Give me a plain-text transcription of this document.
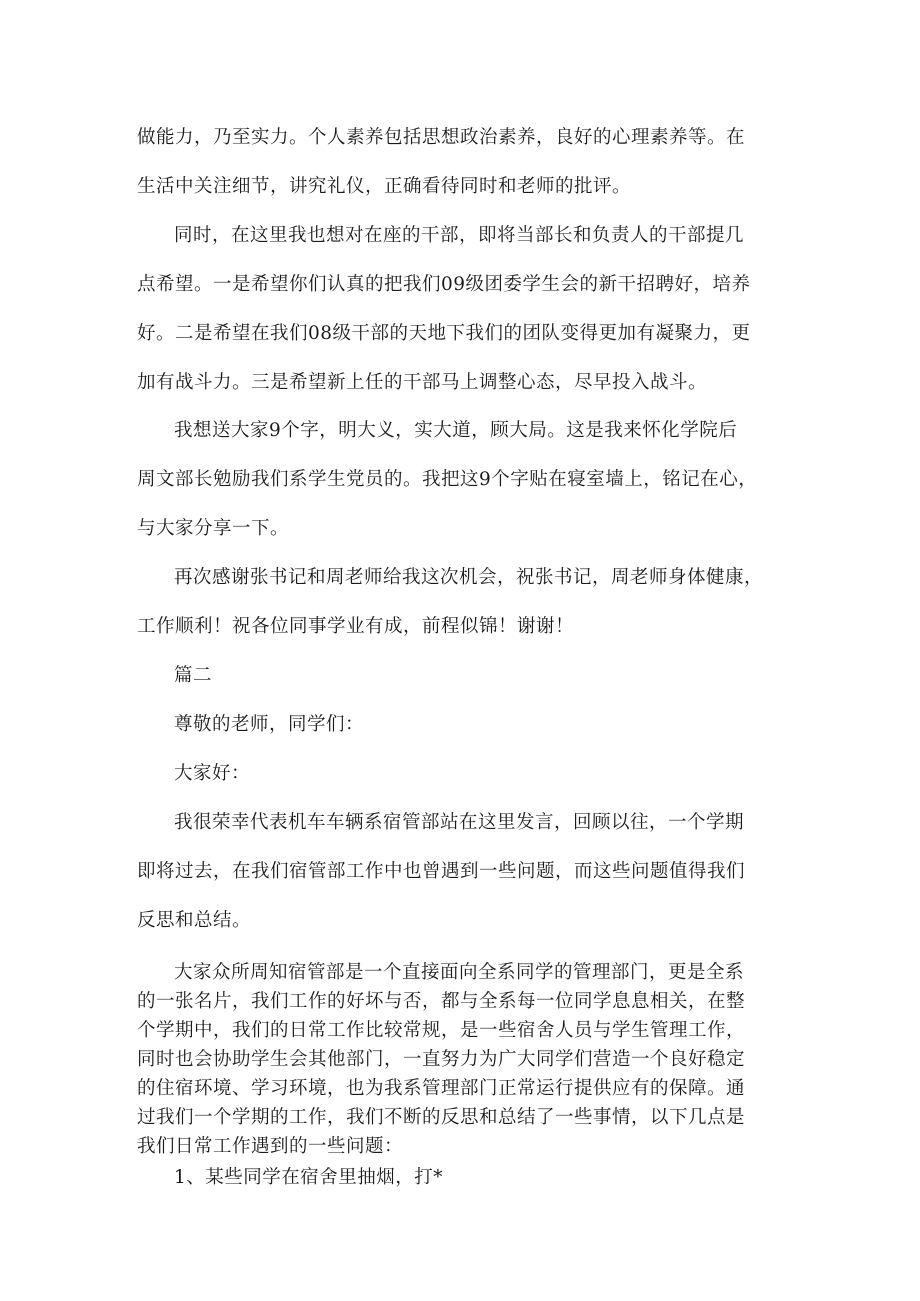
做能力，乃至实力。个人素养包括思想政治素养，良好的心理素养等。在
生活中关注细节，讲究礼仪，正确看待同时和老师的批评。
同时，在这里我也想对在座的干部，即将当部长和负责人的干部提几
点希望。一是希望你们认真的把我们09级团委学生会的新干招聘好，培养
好。二是希望在我们08级干部的天地下我们的团队变得更加有凝聚力，更
加有战斗力。三是希望新上任的干部马上调整心态，尽早投入战斗。
我想送大家9个字，明大义，实大道，顾大局。这是我来怀化学院后
周文部长勉励我们系学生党员的。我把这9个字贴在寝室墙上，铭记在心，
与大家分享一下。
再次感谢张书记和周老师给我这次机会，祝张书记，周老师身体健康，
工作顺利！祝各位同事学业有成，前程似锦！谢谢！
篇二
尊敬的老师，同学们：
大家好：
我很荣幸代表机车车辆系宿管部站在这里发言，回顾以往，一个学期
即将过去，在我们宿管部工作中也曾遇到一些问题，而这些问题值得我们
反思和总结。
大家众所周知宿管部是一个直接面向全系同学的管理部门，更是全系
的一张名片，我们工作的好坏与否，都与全系每一位同学息息相关，在整
个学期中，我们的日常工作比较常规，是一些宿舍人员与学生管理工作，
同时也会协助学生会其他部门，一直努力为广大同学们营造一个良好稳定
的住宿环境、学习环境，也为我系管理部门正常运行提供应有的保障。通
过我们一个学期的工作，我们不断的反思和总结了一些事情，以下几点是
我们日常工作遇到的一些问题：
1、某些同学在宿舍里抽烟，打*
